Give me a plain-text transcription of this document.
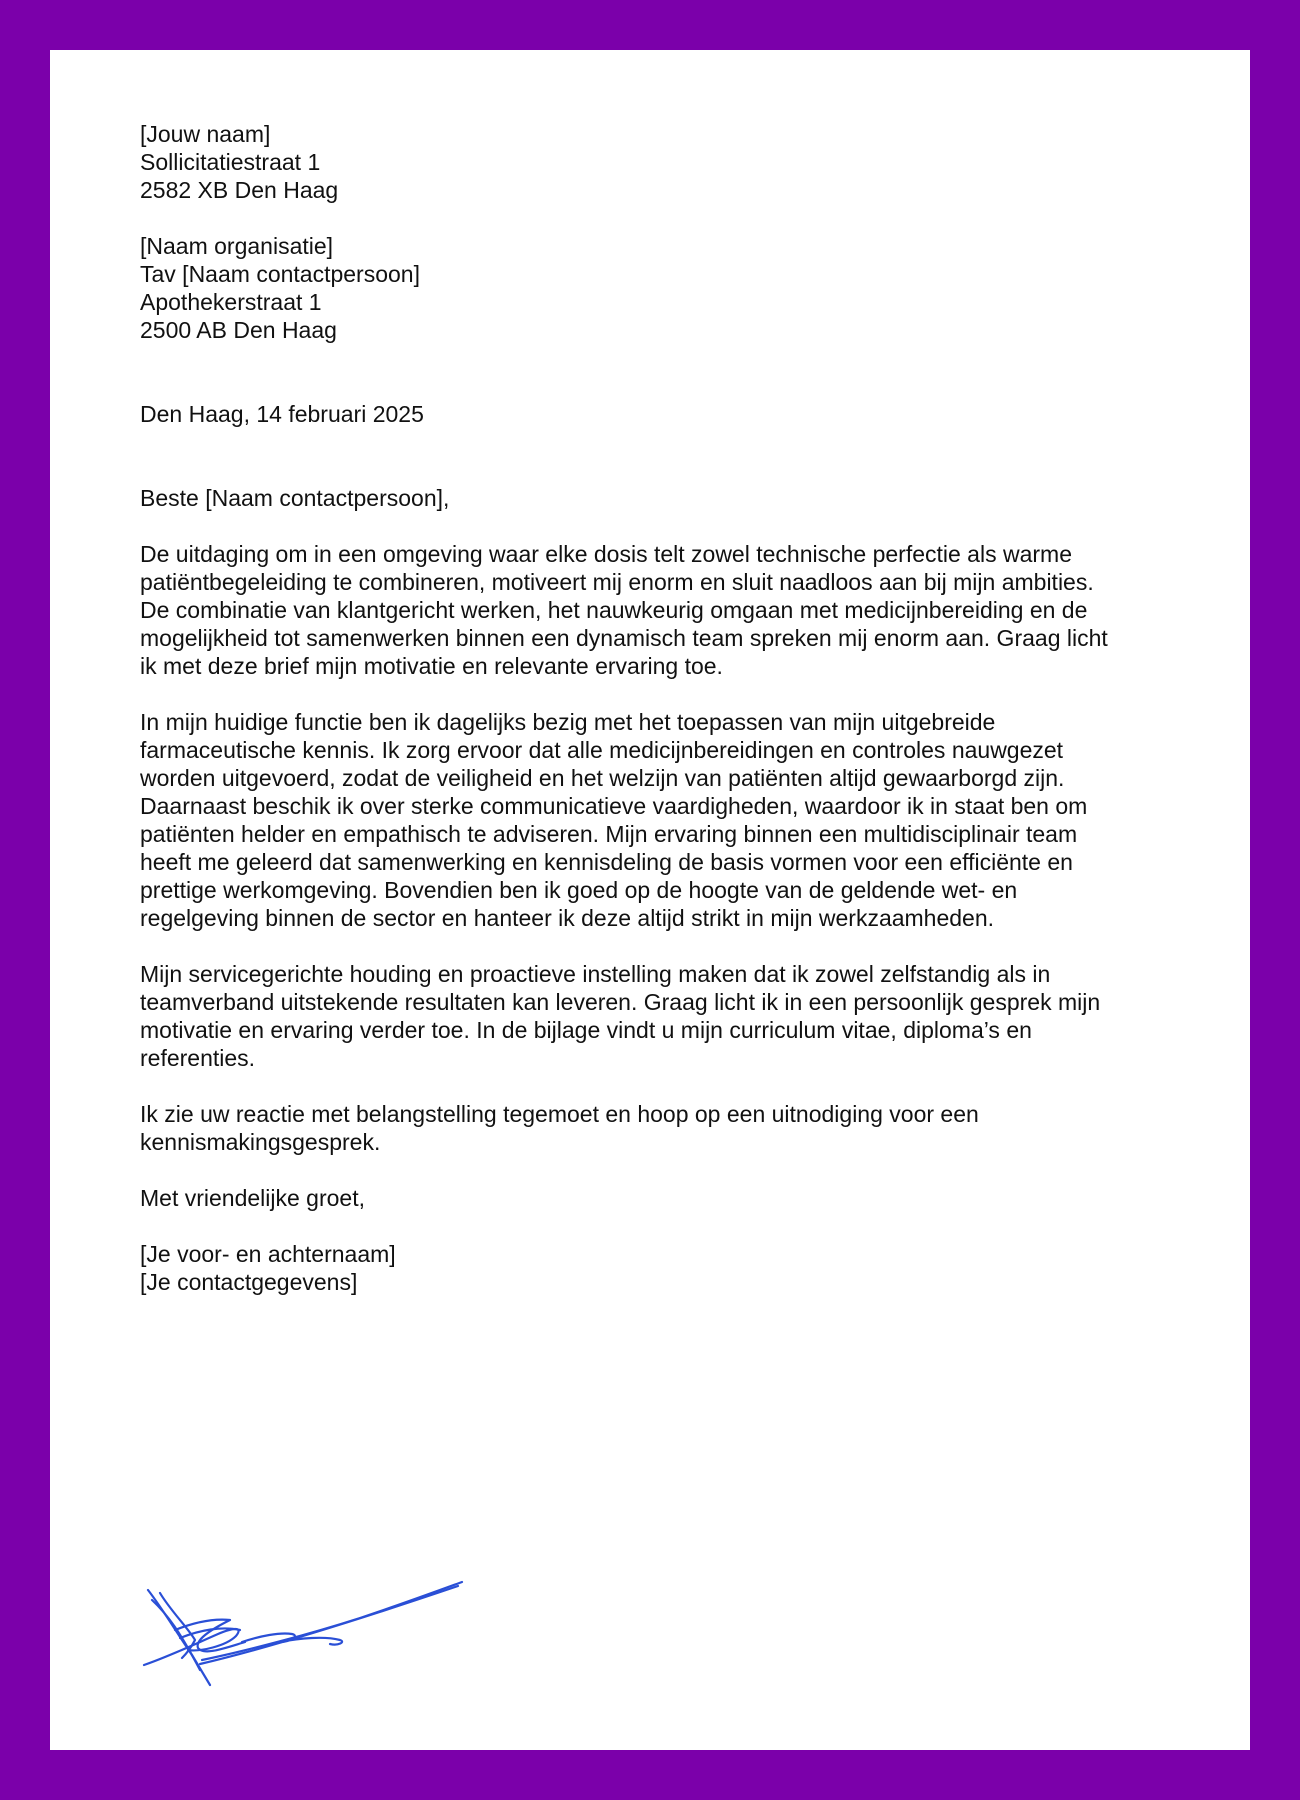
[Jouw naam]
Sollicitatiestraat 1
2582 XB Den Haag
[Naam organisatie]
Tav [Naam contactpersoon]
Apothekerstraat 1
2500 AB Den Haag
Den Haag, 14 februari 2025
Beste [Naam contactpersoon],
De uitdaging om in een omgeving waar elke dosis telt zowel technische perfectie als warme
patiëntbegeleiding te combineren, motiveert mij enorm en sluit naadloos aan bij mijn ambities.
De combinatie van klantgericht werken, het nauwkeurig omgaan met medicijnbereiding en de
mogelijkheid tot samenwerken binnen een dynamisch team spreken mij enorm aan. Graag licht
ik met deze brief mijn motivatie en relevante ervaring toe.
In mijn huidige functie ben ik dagelijks bezig met het toepassen van mijn uitgebreide
farmaceutische kennis. Ik zorg ervoor dat alle medicijnbereidingen en controles nauwgezet
worden uitgevoerd, zodat de veiligheid en het welzijn van patiënten altijd gewaarborgd zijn.
Daarnaast beschik ik over sterke communicatieve vaardigheden, waardoor ik in staat ben om
patiënten helder en empathisch te adviseren. Mijn ervaring binnen een multidisciplinair team
heeft me geleerd dat samenwerking en kennisdeling de basis vormen voor een efficiënte en
prettige werkomgeving. Bovendien ben ik goed op de hoogte van de geldende wet- en
regelgeving binnen de sector en hanteer ik deze altijd strikt in mijn werkzaamheden.
Mijn servicegerichte houding en proactieve instelling maken dat ik zowel zelfstandig als in
teamverband uitstekende resultaten kan leveren. Graag licht ik in een persoonlijk gesprek mijn
motivatie en ervaring verder toe. In de bijlage vindt u mijn curriculum vitae, diploma’s en
referenties.
Ik zie uw reactie met belangstelling tegemoet en hoop op een uitnodiging voor een
kennismakingsgesprek.
Met vriendelijke groet,
[Je voor- en achternaam]
[Je contactgegevens]
